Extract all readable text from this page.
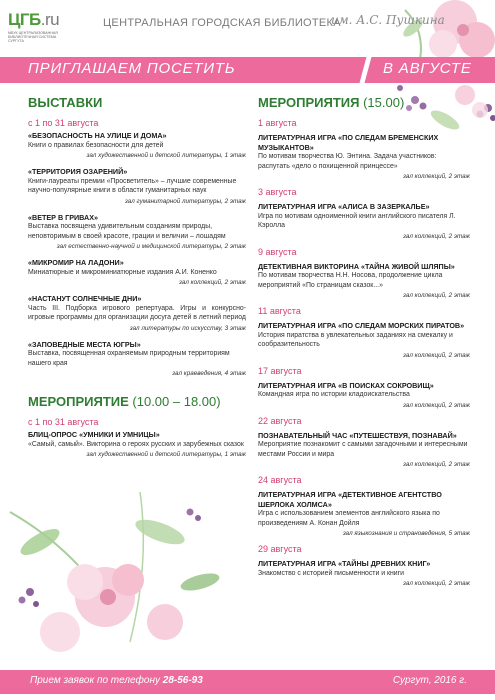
ЦГБ.ru
МБУК ЦЕНТРАЛИЗОВАННАЯ БИБЛИОТЕЧНАЯ СИСТЕМА СУРГУТА
ЦЕНТРАЛЬНАЯ ГОРОДСКАЯ БИБЛИОТЕКА
им. А.С. Пушкина
ПРИГЛАШАЕМ ПОСЕТИТЬ	В АВГУСТЕ
ВЫСТАВКИ
с 1 по 31 августа
«БЕЗОПАСНОСТЬ НА УЛИЦЕ И ДОМА»
Книги о правилах безопасности для детей
зал художественной и детской литературы, 1 этаж
«ТЕРРИТОРИЯ ОЗАРЕНИЙ»
Книги-лауреаты премии «Просветитель» – лучшие современные научно-популярные книги в области гуманитарных наук
зал гуманитарной литературы, 2 этаж
«ВЕТЕР В ГРИВАХ»
Выставка посвящена удивительным созданиям природы, неповторимым в своей красоте, грации и величии – лошадям
зал естественно-научной и медицинской литературы, 2 этаж
«МИКРОМИР НА ЛАДОНИ»
Миниатюрные и микроминиатюрные издания А.И. Коненко
зал коллекций, 2 этаж
«НАСТАНУТ СОЛНЕЧНЫЕ ДНИ»
Часть III. Подборка игрового репертуара. Игры и конкурсно-игровые программы для организации досуга детей в летний период
зал литературы по искусству, 3 этаж
«ЗАПОВЕДНЫЕ МЕСТА ЮГРЫ»
Выставка, посвященная охраняемым природным территориям нашего края
зал краеведения, 4 этаж
МЕРОПРИЯТИЕ (10.00 – 18.00)
с 1 по 31 августа
БЛИЦ-ОПРОС «УМНИКИ И УМНИЦЫ»
«Самый, самый». Викторина о героях русских и зарубежных сказок
зал художественной и детской литературы, 1 этаж
МЕРОПРИЯТИЯ (15.00)
1 августа
ЛИТЕРАТУРНАЯ ИГРА «ПО СЛЕДАМ БРЕМЕНСКИХ МУЗЫКАНТОВ»
По мотивам творчества Ю. Энтина. Задача участников: распутать «дело о похищенной принцессе»
зал коллекций, 2 этаж
3 августа
ЛИТЕРАТУРНАЯ ИГРА «АЛИСА В ЗАЗЕРКАЛЬЕ»
Игра по мотивам одноименной книги английского писателя Л. Кэролла
зал коллекций, 2 этаж
9 августа
ДЕТЕКТИВНАЯ ВИКТОРИНА «ТАЙНА ЖИВОЙ ШЛЯПЫ»
По мотивам творчества Н.Н. Носова, продолжение цикла мероприятий «По страницам сказок...»
зал коллекций, 2 этаж
11 августа
ЛИТЕРАТУРНАЯ ИГРА «ПО СЛЕДАМ МОРСКИХ ПИРАТОВ»
История пиратства в увлекательных заданиях на смекалку и сообразительность
зал коллекций, 2 этаж
17 августа
ЛИТЕРАТУРНАЯ ИГРА «В ПОИСКАХ СОКРОВИЩ»
Командная игра по истории кладоискательства
зал коллекций, 2 этаж
22 августа
ПОЗНАВАТЕЛЬНЫЙ ЧАС «ПУТЕШЕСТВУЯ, ПОЗНАВАЙ»
Мероприятие познакомит с самыми загадочными и интересными местами России и мира
зал коллекций, 2 этаж
24 августа
ЛИТЕРАТУРНАЯ ИГРА «ДЕТЕКТИВНОЕ АГЕНТСТВО ШЕРЛОКА ХОЛМСА»
Игра с использованием элементов английского языка по произведениям А. Конан Дойля
зал языкознания и страноведения, 5 этаж
29 августа
ЛИТЕРАТУРНАЯ ИГРА «ТАЙНЫ ДРЕВНИХ КНИГ»
Знакомство с историей письменности и книги
зал коллекций, 2 этаж
Прием заявок по телефону 28-56-93	Сургут, 2016 г.
